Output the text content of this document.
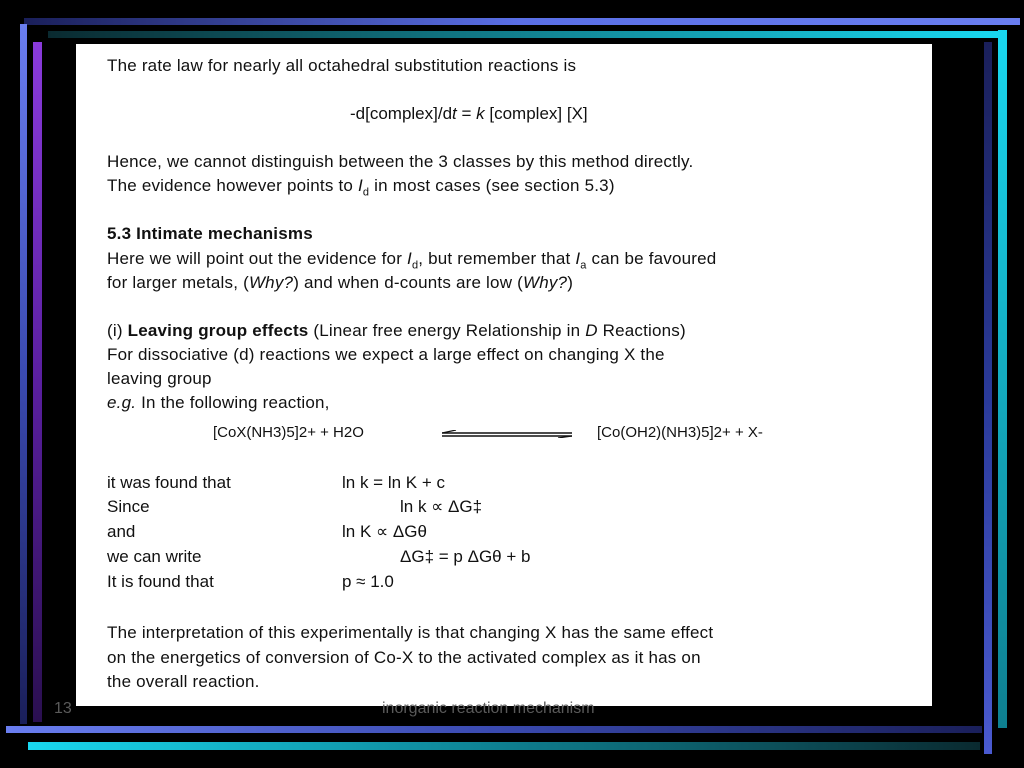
The rate law for nearly all octahedral substitution reactions is
-d[complex]/dt = k [complex] [X]
Hence, we cannot distinguish between the 3 classes by this method directly.
The evidence however points to $I_d$ in most cases (see section 5.3)
5.3 Intimate mechanisms
Here we will point out the evidence for $I_d$, but remember that $I_a$ can be favoured
for larger metals, (Why?) and when d-counts are low (Why?)
(i) Leaving group effects (Linear free energy Relationship in D Reactions)
For dissociative (d) reactions we expect a large effect on changing X the
leaving group
e.g. In the following reaction,
[CoX(NH3)5]2+ + H2O	[Co(OH2)(NH3)5]2+ + X-
it was found that	ln k = ln K + c
Since	ln k ∝ ΔG‡
and	ln K ∝ ΔGθ
we can write	ΔG‡ = p ΔGθ + b
It is found that	p ≈ 1.0
The interpretation of this experimentally is that changing X has the same effect
on the energetics of conversion of Co-X to the activated complex as it has on
the overall reaction.
13	inorganic reaction mechanism
